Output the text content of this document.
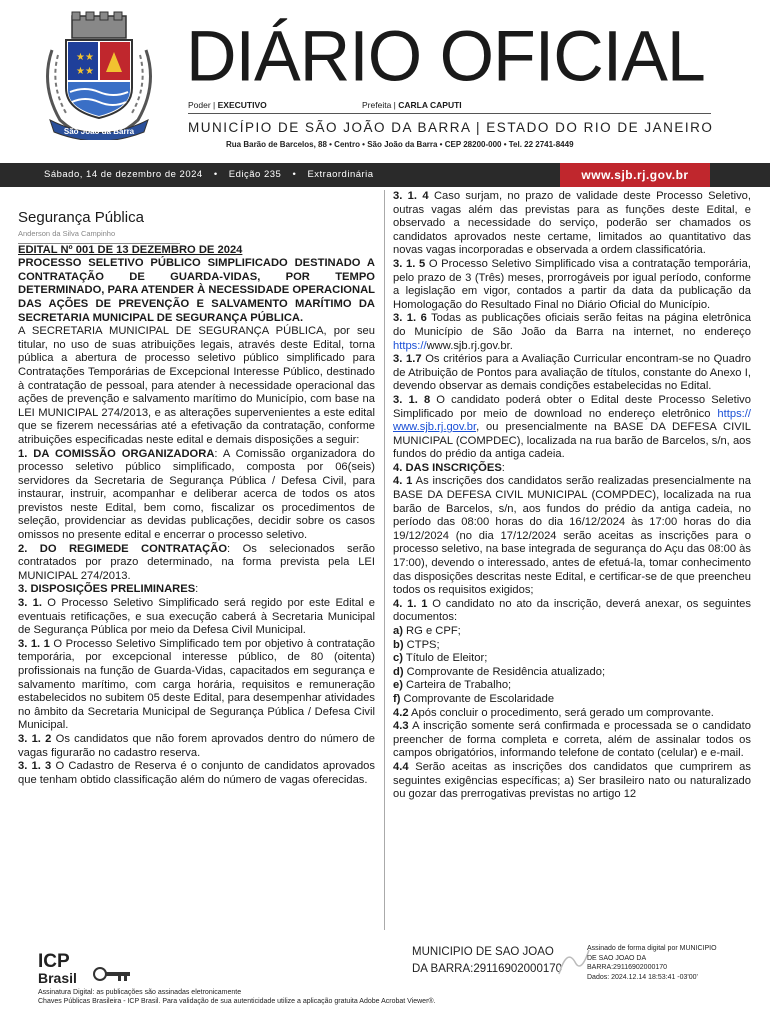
★★
★★
São João da Barra
DIÁRIO OFICIAL
Poder | EXECUTIVO	Prefeita | CARLA CAPUTI
MUNICÍPIO DE SÃO JOÃO DA BARRA | ESTADO DO RIO DE JANEIRO
Rua Barão de Barcelos, 88 • Centro • São João da Barra • CEP 28200-000 • Tel. 22 2741-8449
Sábado, 14 de dezembro de 2024 • Edição 235 • Extraordinária	www.sjb.rj.gov.br

Segurança Pública

Anderson da Silva Campinho

EDITAL Nº 001 DE 13 DEZEMBRO DE 2024

PROCESSO SELETIVO PÚBLICO SIMPLIFICADO DESTINADO A CONTRATAÇÃO DE GUARDA-VIDAS, POR TEMPO DETERMINADO, PARA ATENDER À NECESSIDADE OPERACIONAL DAS AÇÕES DE PREVENÇÃO E SALVAMENTO MARÍTIMO DA SECRETARIA MUNICIPAL DE SEGURANÇA PÚBLICA.

A SECRETARIA MUNICIPAL DE SEGURANÇA PÚBLICA, por seu titular, no uso de suas atribuições legais, através deste Edital, torna pública a abertura de processo seletivo público simplificado para Contratações Temporárias de Excepcional Interesse Público, destinado à contratação de pessoal, para atender à necessidade operacional das ações de prevenção e salvamento marítimo do Município, com base na LEI MUNICIPAL 274/2013, e as alterações supervenientes a este edital que se fizerem necessárias até a efetivação da contratação, conforme atribuições especificadas neste edital e demais disposições a seguir:

1. DA COMISSÃO ORGANIZADORA: A Comissão organizadora do processo seletivo público simplificado, composta por 06(seis) servidores da Secretaria de Segurança Pública / Defesa Civil, para instaurar, instruir, acompanhar e deliberar acerca de todos os atos previstos neste Edital, bem como, fiscalizar os procedimentos de seleção, providenciar as devidas publicações, decidir sobre os casos omissos no presente edital e encerrar o processo seletivo.

2. DO REGIMEDE CONTRATAÇÃO: Os selecionados serão contratados por prazo determinado, na forma prevista pela LEI MUNICIPAL 274/2013.

3. DISPOSIÇÕES PRELIMINARES:

3. 1. O Processo Seletivo Simplificado será regido por este Edital e eventuais retificações, e sua execução caberá à Secretaria Municipal de Segurança Pública por meio da Defesa Civil Municipal.

3. 1. 1 O Processo Seletivo Simplificado tem por objetivo à contratação temporária, por excepcional interesse público, de 80 (oitenta) profissionais na função de Guarda-Vidas, capacitados em segurança e salvamento marítimo, com carga horária, requisitos e remuneração estabelecidos no subitem 05 deste Edital, para desempenhar atividades no âmbito da Secretaria Municipal de Segurança Pública / Defesa Civil Municipal.

3. 1. 2 Os candidatos que não forem aprovados dentro do número de vagas figurarão no cadastro reserva.

3. 1. 3 O Cadastro de Reserva é o conjunto de candidatos aprovados que tenham obtido classificação além do número de vagas oferecidas.

3. 1. 4 Caso surjam, no prazo de validade deste Processo Seletivo, outras vagas além das previstas para as funções deste Edital, e observado a necessidade do serviço, poderão ser chamados os candidatos aprovados neste certame, limitados ao quantitativo das novas vagas incorporadas e observada a ordem classificatória.

3. 1. 5 O Processo Seletivo Simplificado visa a contratação temporária, pelo prazo de 3 (Três) meses, prorrogáveis por igual período, conforme a legislação em vigor, contados a partir da data da publicação da Homologação do Resultado Final no Diário Oficial do Município.

3. 1. 6 Todas as publicações oficiais serão feitas na página eletrônica do Município de São João da Barra na internet, no endereço https://www.sjb.rj.gov.br.

3. 1.7 Os critérios para a Avaliação Curricular encontram-se no Quadro de Atribuição de Pontos para avaliação de títulos, constante do Anexo I, devendo observar as demais condições estabelecidas no Edital.

3. 1. 8 O candidato poderá obter o Edital deste Processo Seletivo Simplificado por meio de download no endereço eletrônico https:// www.sjb.rj.gov.br, ou presencialmente na BASE DA DEFESA CIVIL MUNICIPAL (COMPDEC), localizada na rua barão de Barcelos, s/n, aos fundos do prédio da antiga cadeia.

4. DAS INSCRIÇÕES:

4. 1 As inscrições dos candidatos serão realizadas presencialmente na BASE DA DEFESA CIVIL MUNICIPAL (COMPDEC), localizada na rua barão de Barcelos, s/n, aos fundos do prédio da antiga cadeia, no período das 08:00 horas do dia 16/12/2024 às 17:00 horas do dia 19/12/2024 (no dia 17/12/2024 serão aceitas as inscrições para o processo seletivo, na base integrada de segurança do Açu das 08:00 às 17:00), devendo o interessado, antes de efetuá-la, tomar conhecimento das disposições descritas neste Edital, e certificar-se de que preencheu todos os requisitos exigidos;

4. 1. 1 O candidato no ato da inscrição, deverá anexar, os seguintes documentos:

a) RG e CPF;

b) CTPS;

c) Título de Eleitor;

d) Comprovante de Residência atualizado;

e) Carteira de Trabalho;

f) Comprovante de Escolaridade

4.2 Após concluir o procedimento, será gerado um comprovante.

4.3 A inscrição somente será confirmada e processada se o candidato preencher de forma completa e correta, além de assinalar todos os campos obrigatórios, informando telefone de contato (celular) e e-mail.

4.4 Serão aceitas as inscrições dos candidatos que cumprirem as seguintes exigências específicas; a) Ser brasileiro nato ou naturalizado ou gozar das prerrogativas previstas no artigo 12

ICP
Brasil
Assinatura Digital: as publicações são assinadas eletronicamente
Chaves Públicas Brasileira - ICP Brasil. Para validação de sua autenticidade utilize a aplicação gratuita Adobe Acrobat Viewer®.
MUNICIPIO DE SAO JOAO
DA BARRA:29116902000170
Assinado de forma digital por MUNICIPIO
DE SAO JOAO DA
BARRA:29116902000170
Dados: 2024.12.14 18:53:41 -03'00'
